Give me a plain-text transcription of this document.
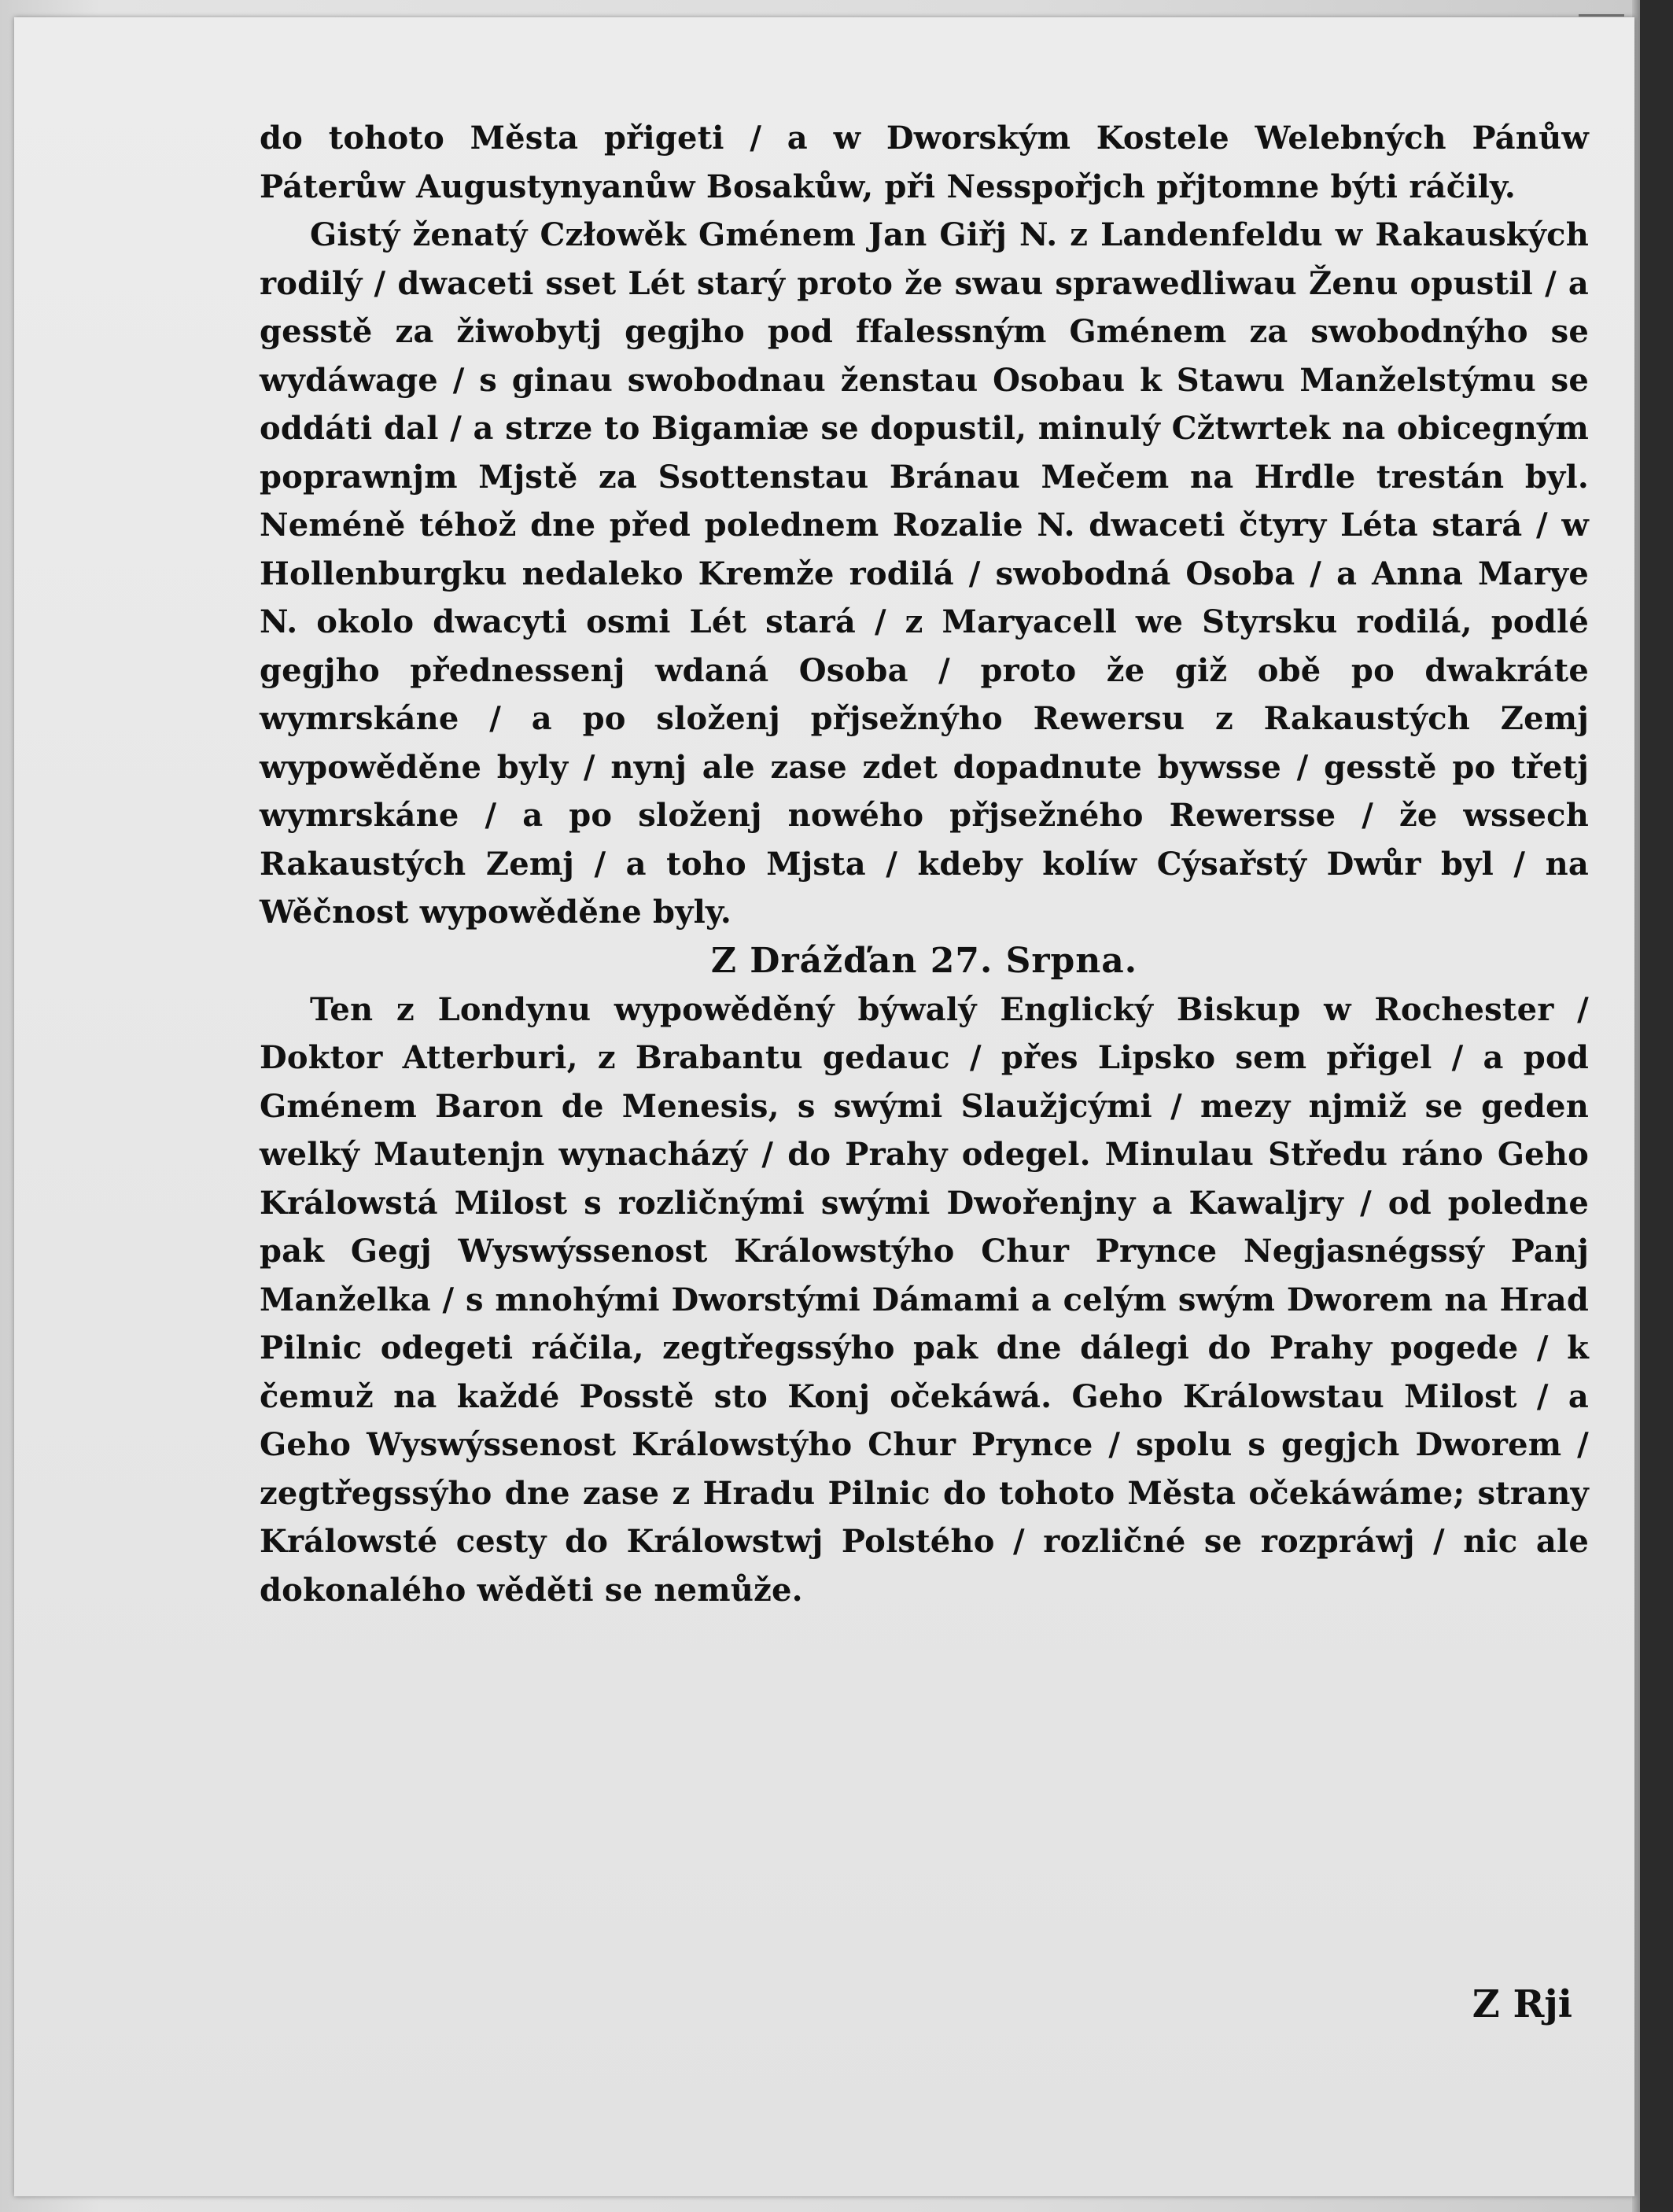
do tohoto Města přigeti / a w Dworským Kostele Welebných Pánůw Páterůw Augustynyanůw Bosakůw, při Nesspořjch přjtomne býti ráčily.

Gistý ženatý Człowěk Gménem Jan Giřj N. z Landenfeldu w Rakauských rodilý / dwaceti sset Lét starý proto že swau sprawedliwau Ženu opustil / a gesstě za žiwobytj gegjho pod ffalessným Gménem za swobodnýho se wydáwage / s ginau swobodnau ženstau Osobau k Stawu Manželstýmu se oddáti dal / a strze to Bigamiæ se dopustil, minulý Cžtwrtek na obicegným poprawnjm Mjstě za Ssottenstau Bránau Mečem na Hrdle trestán byl. Neméně téhož dne před polednem Rozalie N. dwaceti čtyry Léta stará / w Hollenburgku nedaleko Kremže rodilá / swobodná Osoba / a Anna Marye N. okolo dwacyti osmi Lét stará / z Maryacell we Styrsku rodilá, podlé gegjho přednessenj wdaná Osoba / proto že giž obě po dwakráte wymrskáne / a po složenj přjsežnýho Rewersu z Rakaustých Zemj wypowěděne byly / nynj ale zase zdet dopadnute bywsse / gesstě po třetj wymrskáne / a po složenj nowého přjsežného Rewersse / že wssech Rakaustých Zemj / a toho Mjsta / kdeby kolíw Cýsařstý Dwůr byl / na Wěčnost wypowěděne byly.

Z Drážďan 27. Srpna.

Ten z Londynu wypowěděný býwalý Englický Biskup w Rochester / Doktor Atterburi, z Brabantu gedauc / přes Lipsko sem přigel / a pod Gménem Baron de Menesis, s swými Slaužjcými / mezy njmiž se geden welký Mautenjn wynacházý / do Prahy odegel. Minulau Středu ráno Geho Králowstá Milost s rozličnými swými Dwořenjny a Kawaljry / od poledne pak Gegj Wyswýssenost Králowstýho Chur Prynce Negjasnégssý Panj Manželka / s mnohými Dworstými Dámami a celým swým Dworem na Hrad Pilnic odegeti ráčila, zegtřegssýho pak dne dálegi do Prahy pogede / k čemuž na každé Posstě sto Konj očekáwá. Geho Králowstau Milost / a Geho Wyswýssenost Králowstýho Chur Prynce / spolu s gegjch Dworem / zegtřegssýho dne zase z Hradu Pilnic do tohoto Města očekáwáme; strany Králowsté cesty do Králowstwj Polstého / rozličné se rozpráwj / nic ale dokonalého wěděti se nemůže.

Z Rji
